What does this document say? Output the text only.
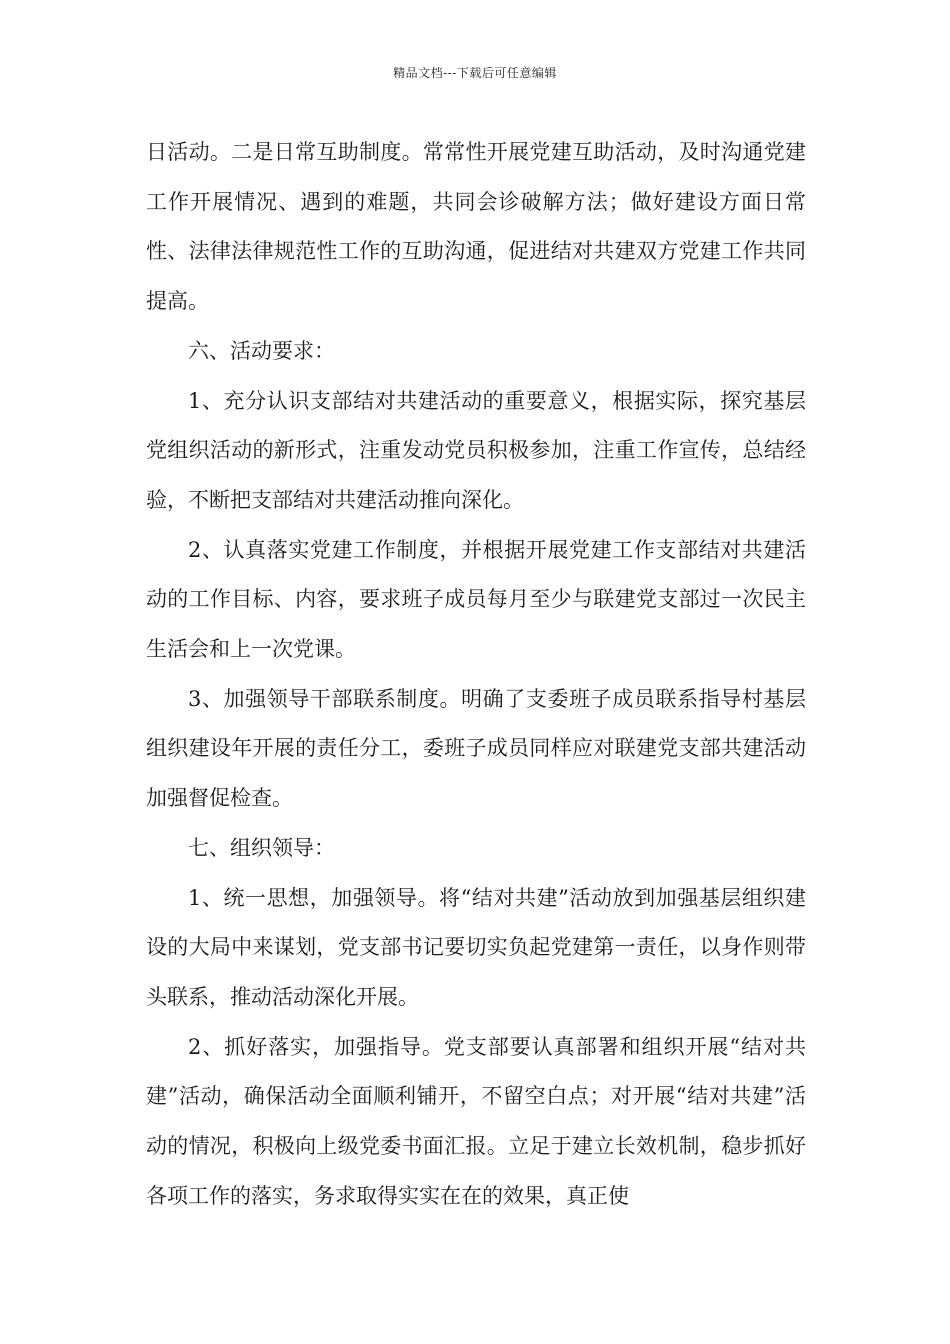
精品文档---下载后可任意编辑

日活动。二是日常互助制度。常常性开展党建互助活动，及时沟通党建工作开展情况、遇到的难题，共同会诊破解方法；做好建设方面日常性、法律法律规范性工作的互助沟通，促进结对共建双方党建工作共同提高。

六、活动要求：

1、充分认识支部结对共建活动的重要意义，根据实际，探究基层党组织活动的新形式，注重发动党员积极参加，注重工作宣传，总结经验，不断把支部结对共建活动推向深化。

2、认真落实党建工作制度，并根据开展党建工作支部结对共建活动的工作目标、内容，要求班子成员每月至少与联建党支部过一次民主生活会和上一次党课。

3、加强领导干部联系制度。明确了支委班子成员联系指导村基层组织建设年开展的责任分工，委班子成员同样应对联建党支部共建活动加强督促检查。

七、组织领导：

1、统一思想，加强领导。将“结对共建”活动放到加强基层组织建设的大局中来谋划，党支部书记要切实负起党建第一责任，以身作则带头联系，推动活动深化开展。

2、抓好落实，加强指导。党支部要认真部署和组织开展“结对共建”活动，确保活动全面顺利铺开，不留空白点；对开展“结对共建”活动的情况，积极向上级党委书面汇报。立足于建立长效机制，稳步抓好各项工作的落实，务求取得实实在在的效果，真正使
